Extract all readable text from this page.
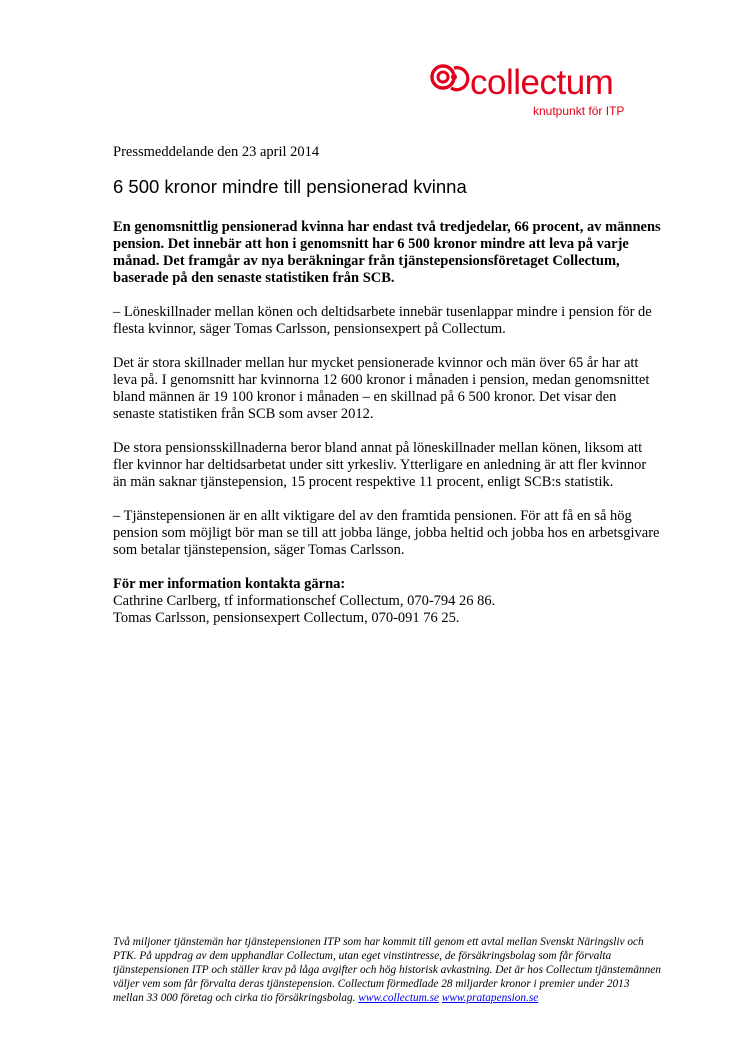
collectum
knutpunkt för ITP
Pressmeddelande den 23 april 2014
6 500 kronor mindre till pensionerad kvinna

En genomsnittlig pensionerad kvinna har endast två tredjedelar, 66 procent, av männens pension. Det innebär att hon i genomsnitt har 6 500 kronor mindre att leva på varje månad. Det framgår av nya beräkningar från tjänstepensionsföretaget Collectum, baserade på den senaste statistiken från SCB.

– Löneskillnader mellan könen och deltidsarbete innebär tusenlappar mindre i pension för de flesta kvinnor, säger Tomas Carlsson, pensionsexpert på Collectum.

Det är stora skillnader mellan hur mycket pensionerade kvinnor och män över 65 år har att leva på. I genomsnitt har kvinnorna 12 600 kronor i månaden i pension, medan genomsnittet bland männen är 19 100 kronor i månaden – en skillnad på 6 500 kronor. Det visar den senaste statistiken från SCB som avser 2012.

De stora pensionsskillnaderna beror bland annat på löneskillnader mellan könen, liksom att fler kvinnor har deltidsarbetat under sitt yrkesliv. Ytterligare en anledning är att fler kvinnor än män saknar tjänstepension, 15 procent respektive 11 procent, enligt SCB:s statistik.

– Tjänstepensionen är en allt viktigare del av den framtida pensionen. För att få en så hög pension som möjligt bör man se till att jobba länge, jobba heltid och jobba hos en arbetsgivare som betalar tjänstepension, säger Tomas Carlsson.

För mer information kontakta gärna:
Cathrine Carlberg, tf informationschef Collectum, 070-794 26 86.
Tomas Carlsson, pensionsexpert Collectum, 070-091 76 25.
Två miljoner tjänstemän har tjänstepensionen ITP som har kommit till genom ett avtal mellan Svenskt Näringsliv och PTK. På uppdrag av dem upphandlar Collectum, utan eget vinstintresse, de försäkringsbolag som får förvalta tjänstepensionen ITP och ställer krav på låga avgifter och hög historisk avkastning. Det är hos Collectum tjänstemännen väljer vem som får förvalta deras tjänstepension. Collectum förmedlade 28 miljarder kronor i premier under 2013 mellan 33 000 företag och cirka tio försäkringsbolag. www.collectum.se www.pratapension.se
